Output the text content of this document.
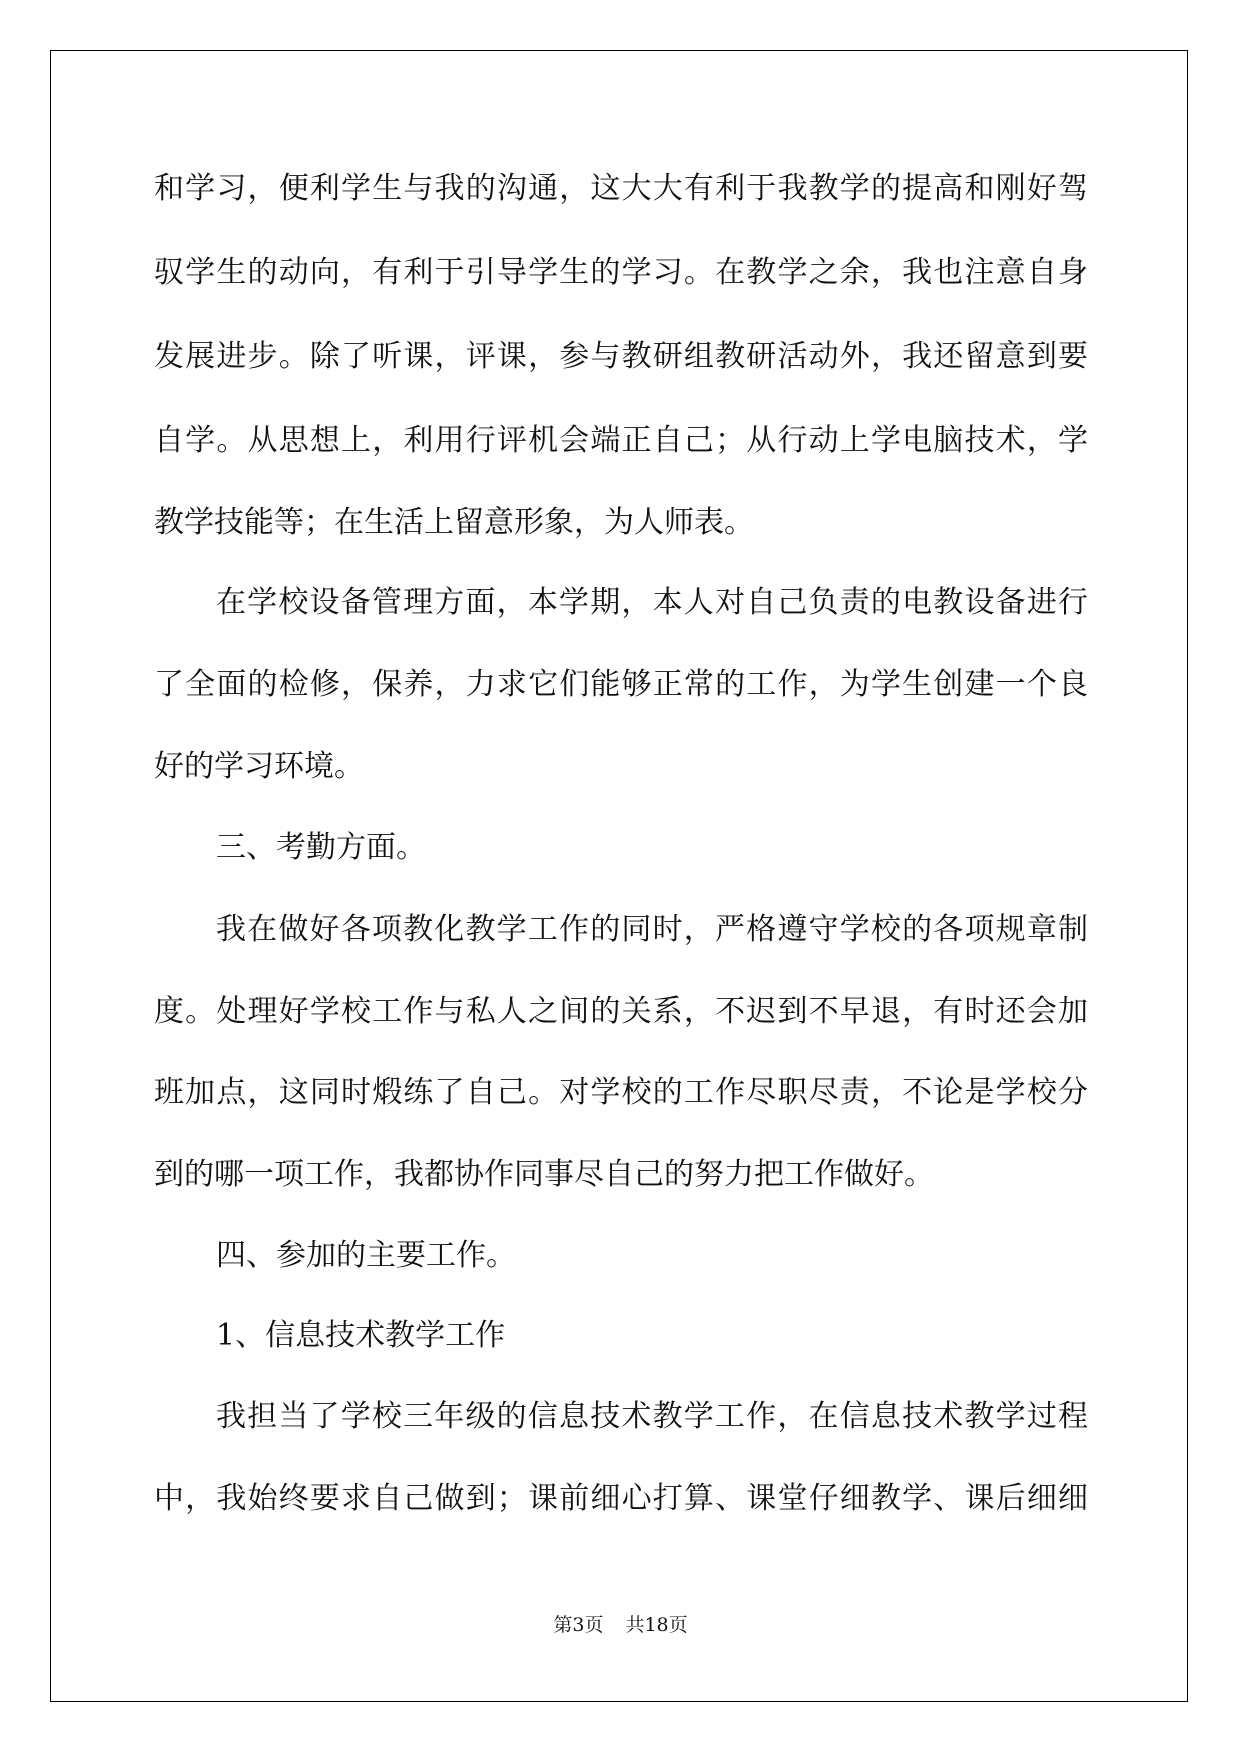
和学习，便利学生与我的沟通，这大大有利于我教学的提高和刚好驾
驭学生的动向，有利于引导学生的学习。在教学之余，我也注意自身
发展进步。除了听课，评课，参与教研组教研活动外，我还留意到要
自学。从思想上，利用行评机会端正自己；从行动上学电脑技术，学
教学技能等；在生活上留意形象，为人师表。
在学校设备管理方面，本学期，本人对自己负责的电教设备进行
了全面的检修，保养，力求它们能够正常的工作，为学生创建一个良
好的学习环境。
三、考勤方面。
我在做好各项教化教学工作的同时，严格遵守学校的各项规章制
度。处理好学校工作与私人之间的关系，不迟到不早退，有时还会加
班加点，这同时煅练了自己。对学校的工作尽职尽责，不论是学校分
到的哪一项工作，我都协作同事尽自己的努力把工作做好。
四、参加的主要工作。
1、信息技术教学工作
我担当了学校三年级的信息技术教学工作，在信息技术教学过程
中，我始终要求自己做到；课前细心打算、课堂仔细教学、课后细细
第3页 共18页
